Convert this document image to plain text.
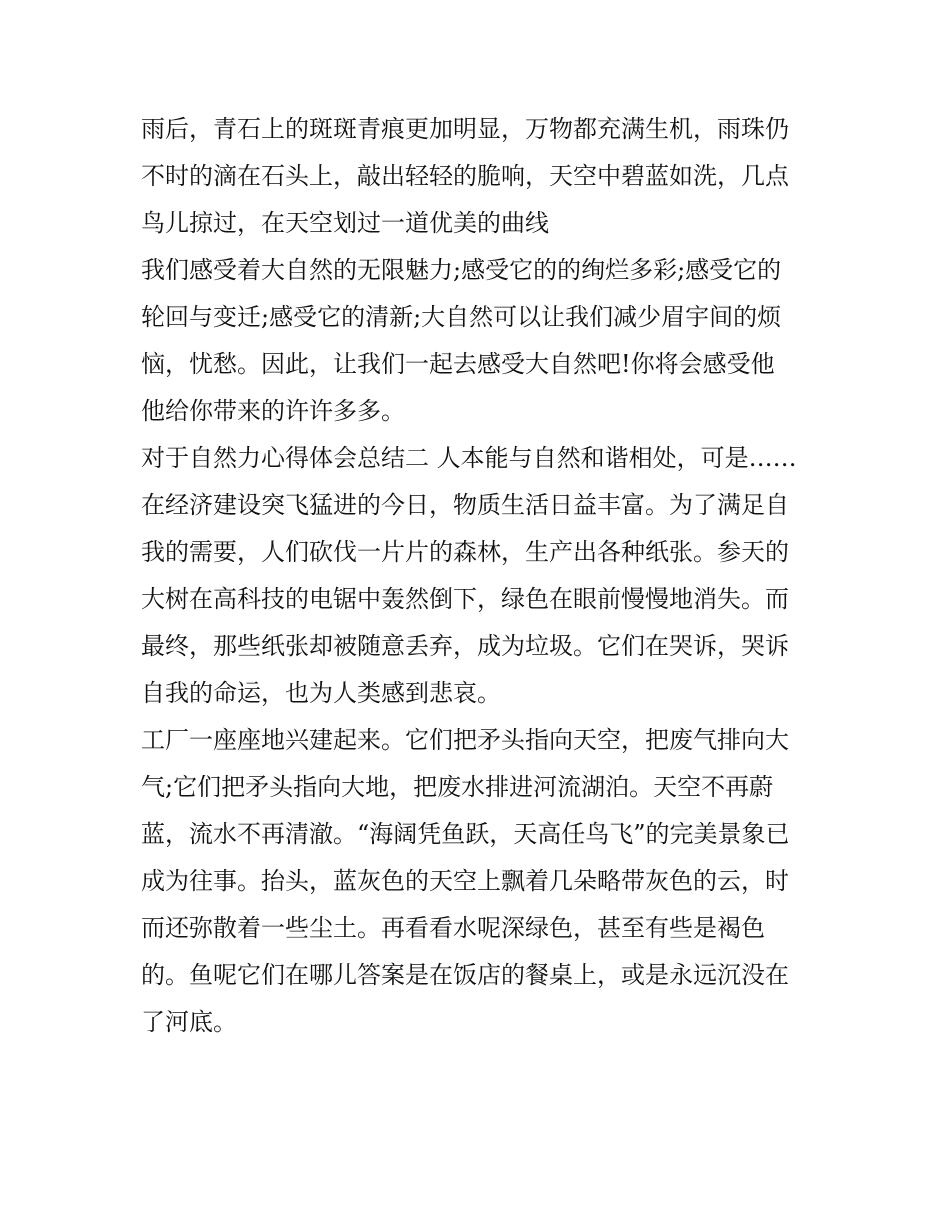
雨后，青石上的斑斑青痕更加明显，万物都充满生机，雨珠仍
不时的滴在石头上，敲出轻轻的脆响，天空中碧蓝如洗，几点
鸟儿掠过，在天空划过一道优美的曲线
我们感受着大自然的无限魅力;感受它的的绚烂多彩;感受它的
轮回与变迁;感受它的清新;大自然可以让我们减少眉宇间的烦
恼，忧愁。因此，让我们一起去感受大自然吧!你将会感受他
他给你带来的许许多多。
对于自然力心得体会总结二 人本能与自然和谐相处，可是……
在经济建设突飞猛进的今日，物质生活日益丰富。为了满足自
我的需要，人们砍伐一片片的森林，生产出各种纸张。参天的
大树在高科技的电锯中轰然倒下，绿色在眼前慢慢地消失。而
最终，那些纸张却被随意丢弃，成为垃圾。它们在哭诉，哭诉
自我的命运，也为人类感到悲哀。
工厂一座座地兴建起来。它们把矛头指向天空，把废气排向大
气;它们把矛头指向大地，把废水排进河流湖泊。天空不再蔚
蓝，流水不再清澈。“海阔凭鱼跃，天高任鸟飞”的完美景象已
成为往事。抬头，蓝灰色的天空上飘着几朵略带灰色的云，时
而还弥散着一些尘土。再看看水呢深绿色，甚至有些是褐色
的。鱼呢它们在哪儿答案是在饭店的餐桌上，或是永远沉没在
了河底。
